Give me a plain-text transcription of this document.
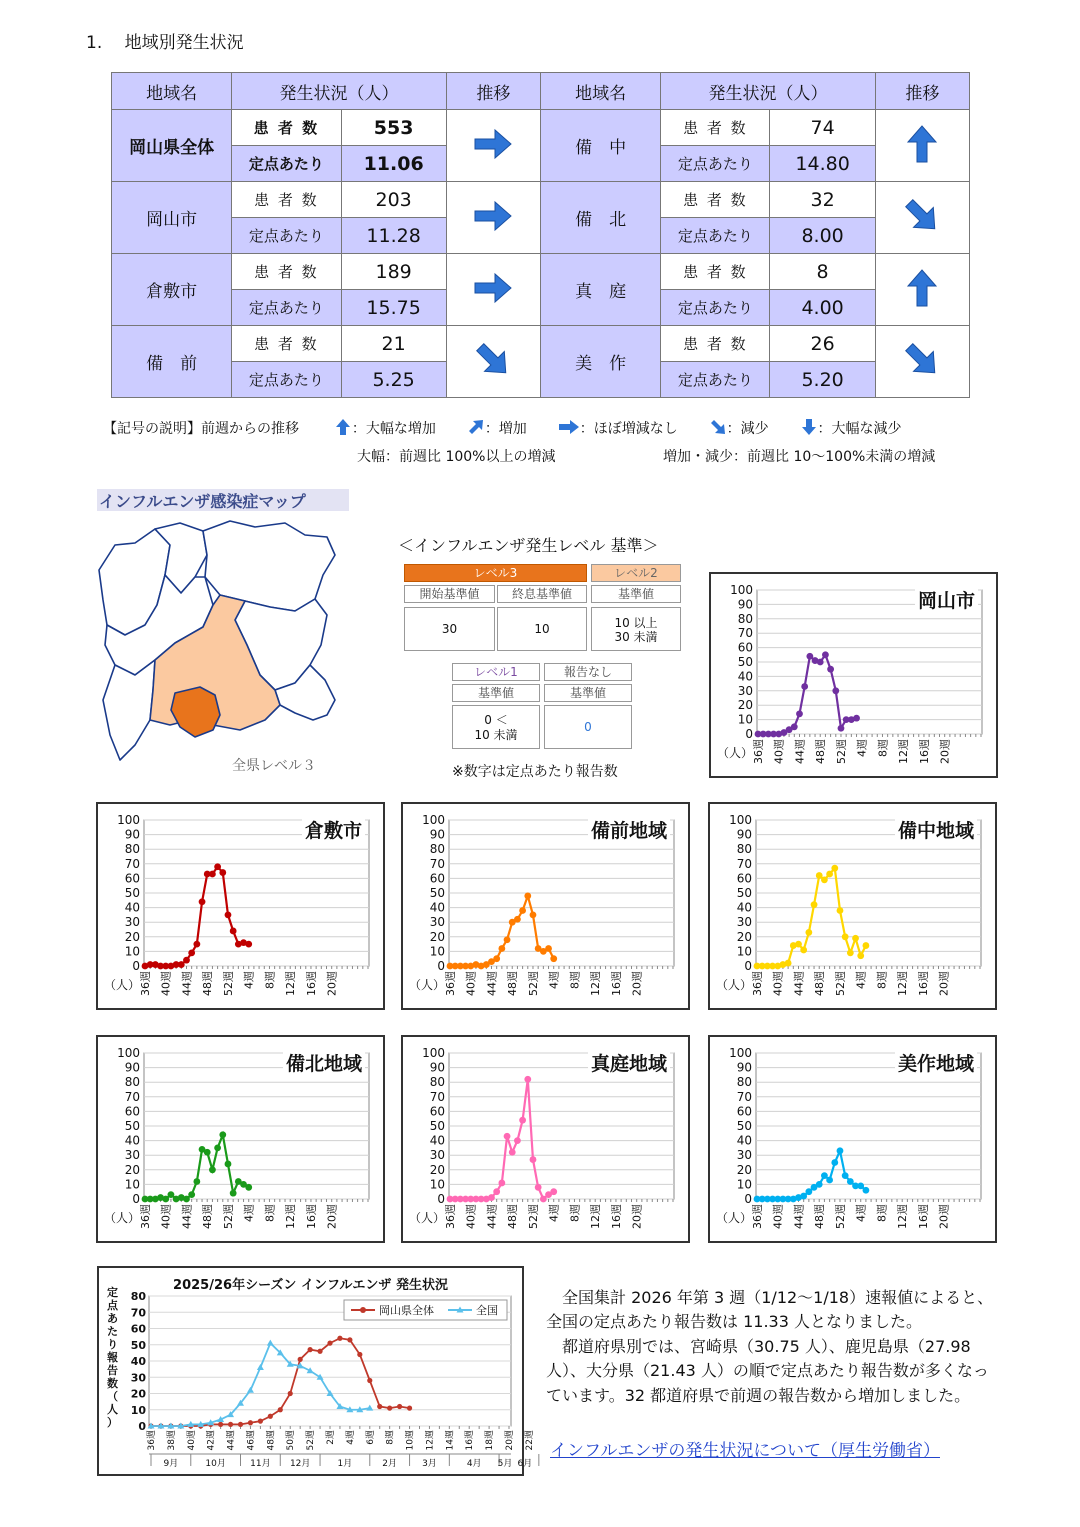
1.　 地域別発生状況
地域名	発生状況（人）		推移	地域名	発生状況（人）		推移
岡山県全体	患 者 数	553		備　中	患 者 数	74	
	定点あたり	11.06			定点あたり	14.80	
岡山市	患 者 数	203		備　北	患 者 数	32	
	定点あたり	11.28			定点あたり	8.00	
倉敷市	患 者 数	189		真　庭	患 者 数	8	
	定点あたり	15.75			定点あたり	4.00	
備　前	患 者 数	21		美　作	患 者 数	26	
	定点あたり	5.25			定点あたり	5.20	
【記号の説明】前週からの推移	：大幅な増加	：増加	：ほぼ増減なし	：減少	：大幅な減少
大幅：前週比 100%以上の増減	増加・減少：前週比 10～100%未満の増減
インフルエンザ感染症マップ
全県レベル３
＜インフルエンザ発生レベル 基準＞
レベル3	レベル2
開始基準値	終息基準値	基準値
30	10	10 以上
30 未満
レベル1	報告なし
基準値	基準値
0 ＜
10 未満
0
※数字は定点あたり報告数
0
10
20
30
40
50
60
70
80
90
100
36週 40週 44週 48週 52週 4週 8週 12週 16週 20週
（人）
岡山市
0
10
20
30
40
50
60
70
80
90
100
36週 40週 44週 48週 52週 4週 8週 12週 16週 20週
（人）
倉敷市
0
10
20
30
40
50
60
70
80
90
100
36週 40週 44週 48週 52週 4週 8週 12週 16週 20週
（人）
備前地域
0
10
20
30
40
50
60
70
80
90
100
36週 40週 44週 48週 52週 4週 8週 12週 16週 20週
（人）
備中地域
0
10
20
30
40
50
60
70
80
90
100
36週 40週 44週 48週 52週 4週 8週 12週 16週 20週
（人）
備北地域
0
10
20
30
40
50
60
70
80
90
100
36週 40週 44週 48週 52週 4週 8週 12週 16週 20週
（人）
真庭地域
0
10
20
30
40
50
60
70
80
90
100
36週 40週 44週 48週 52週 4週 8週 12週 16週 20週
（人）
美作地域
0
10
20
30
40
50
60
70
80
定点あたり報告数（人）
36週 38週 40週 42週 44週 46週 48週 50週 52週 2週 4週 6週 8週 10週 12週 14週 16週 18週 20週 22週
9月	10月	11月 12月	1月	2月	3月	4月 5月 6月
岡山県全体	全国
2025/26年シーズン インフルエンザ 発生状況

全国集計 2026 年第 3 週（1/12～1/18）速報値によると、全国の定点あたり報告数は 11.33 人となりました。

都道府県別では、宮崎県（30.75 人）、鹿児島県（27.98 人）、大分県（21.43 人）の順で定点あたり報告数が多くなっています。32 都道府県で前週の報告数から増加しました。

インフルエンザの発生状況について（厚生労働省）
